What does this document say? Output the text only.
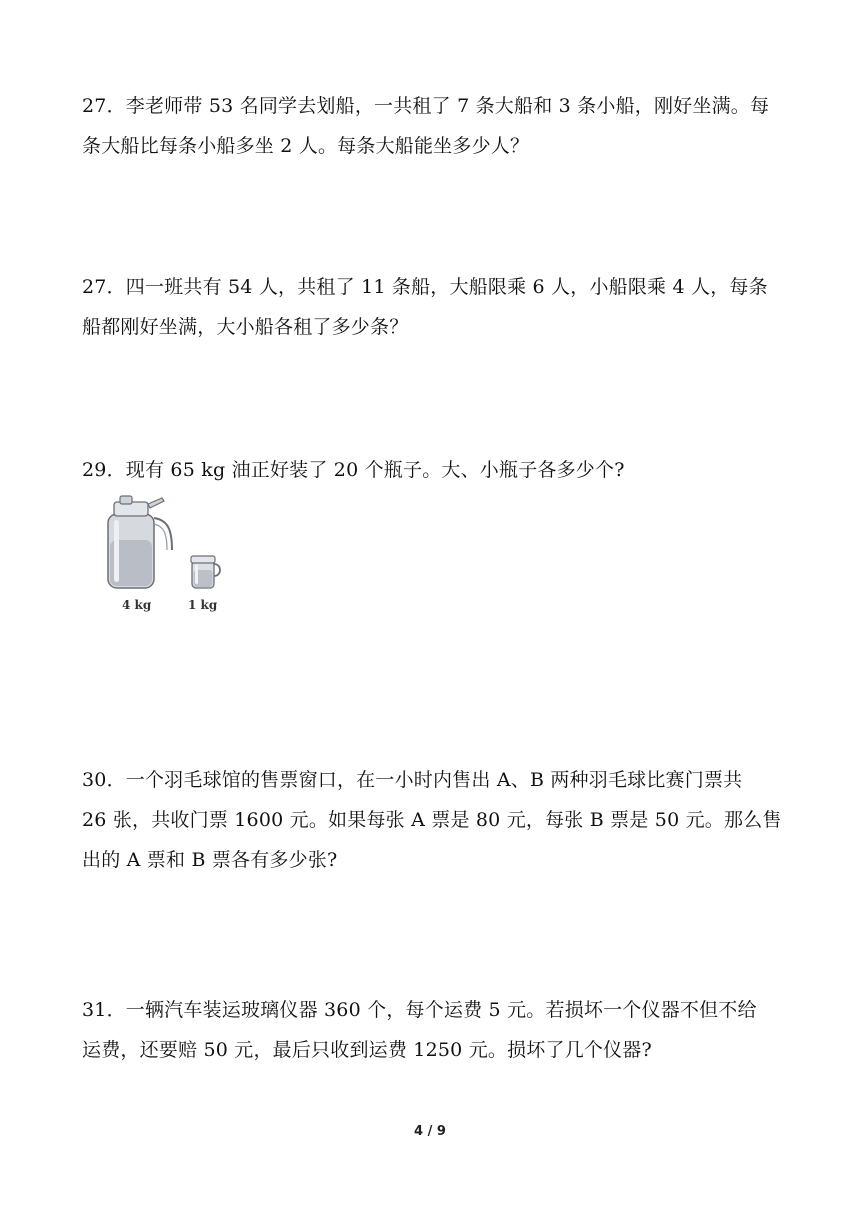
27．李老师带 53 名同学去划船，一共租了 7 条大船和 3 条小船，刚好坐满。每
条大船比每条小船多坐 2 人。每条大船能坐多少人？
27．四一班共有 54 人，共租了 11 条船，大船限乘 6 人，小船限乘 4 人，每条
船都刚好坐满，大小船各租了多少条？
29．现有 65 kg 油正好装了 20 个瓶子。大、小瓶子各多少个?
4 kg	1 kg
30．一个羽毛球馆的售票窗口，在一小时内售出 A、B 两种羽毛球比赛门票共
26 张，共收门票 1600 元。如果每张 A 票是 80 元，每张 B 票是 50 元。那么售
出的 A 票和 B 票各有多少张?
31．一辆汽车装运玻璃仪器 360 个，每个运费 5 元。若损坏一个仪器不但不给
运费，还要赔 50 元，最后只收到运费 1250 元。损坏了几个仪器?
4 / 9
